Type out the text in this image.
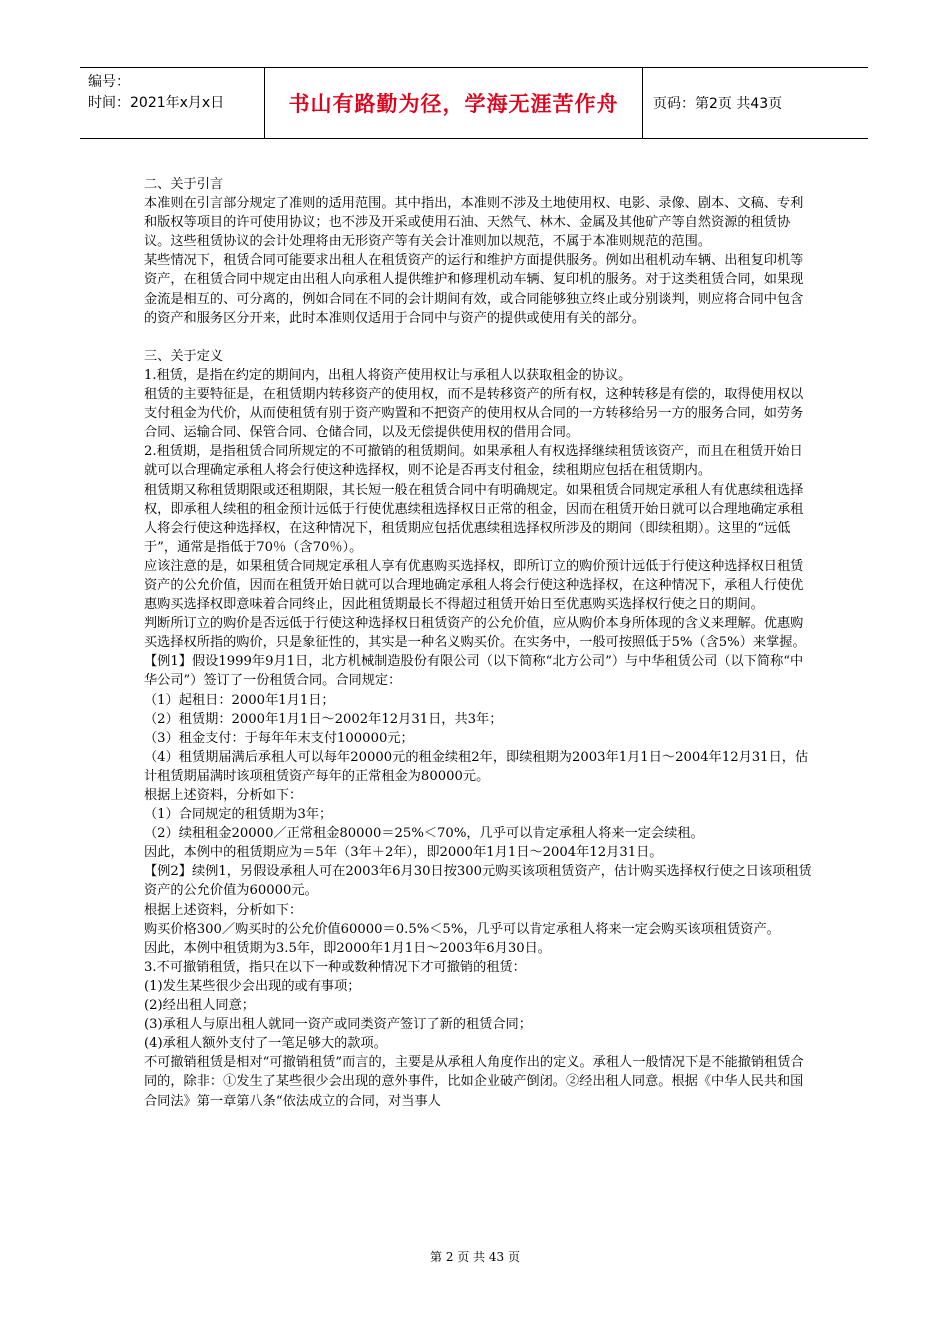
编号：
时间：2021年x月x日	书山有路勤为径，学海无涯苦作舟	页码：第2页 共43页

二、关于引言

本准则在引言部分规定了准则的适用范围。其中指出，本准则不涉及土地使用权、电影、录像、剧本、文稿、专利和版权等项目的许可使用协议；也不涉及开采或使用石油、天然气、林木、金属及其他矿产等自然资源的租赁协议。这些租赁协议的会计处理将由无形资产等有关会计准则加以规范，不属于本准则规范的范围。

某些情况下，租赁合同可能要求出租人在租赁资产的运行和维护方面提供服务。例如出租机动车辆、出租复印机等资产，在租赁合同中规定由出租人向承租人提供维护和修理机动车辆、复印机的服务。对于这类租赁合同，如果现金流是相互的、可分离的，例如合同在不同的会计期间有效，或合同能够独立终止或分别谈判，则应将合同中包含的资产和服务区分开来，此时本准则仅适用于合同中与资产的提供或使用有关的部分。

三、关于定义

1.租赁，是指在约定的期间内，出租人将资产使用权让与承租人以获取租金的协议。

租赁的主要特征是，在租赁期内转移资产的使用权，而不是转移资产的所有权，这种转移是有偿的，取得使用权以支付租金为代价，从而使租赁有别于资产购置和不把资产的使用权从合同的一方转移给另一方的服务合同，如劳务合同、运输合同、保管合同、仓储合同，以及无偿提供使用权的借用合同。

2.租赁期，是指租赁合同所规定的不可撤销的租赁期间。如果承租人有权选择继续租赁该资产，而且在租赁开始日就可以合理确定承租人将会行使这种选择权，则不论是否再支付租金，续租期应包括在租赁期内。

租赁期又称租赁期限或还租期限，其长短一般在租赁合同中有明确规定。如果租赁合同规定承租人有优惠续租选择权，即承租人续租的租金预计远低于行使优惠续租选择权日正常的租金，因而在租赁开始日就可以合理地确定承租人将会行使这种选择权，在这种情况下，租赁期应包括优惠续租选择权所涉及的期间（即续租期）。这里的“远低于”，通常是指低于70％（含70％）。

应该注意的是，如果租赁合同规定承租人享有优惠购买选择权，即所订立的购价预计远低于行使这种选择权日租赁资产的公允价值，因而在租赁开始日就可以合理地确定承租人将会行使这种选择权，在这种情况下，承租人行使优惠购买选择权即意味着合同终止，因此租赁期最长不得超过租赁开始日至优惠购买选择权行使之日的期间。

判断所订立的购价是否远低于行使这种选择权日租赁资产的公允价值，应从购价本身所体现的含义来理解。优惠购买选择权所指的购价，只是象征性的，其实是一种名义购买价。在实务中，一般可按照低于5%（含5%）来掌握。

【例1】假设1999年9月1日，北方机械制造股份有限公司（以下简称“北方公司”）与中华租赁公司（以下简称“中华公司”）签订了一份租赁合同。合同规定：

（1）起租日：2000年1月1日；

（2）租赁期：2000年1月1日～2002年12月31日，共3年；

（3）租金支付：于每年年末支付100000元；

（4）租赁期届满后承租人可以每年20000元的租金续租2年，即续租期为2003年1月1日～2004年12月31日，估计租赁期届满时该项租赁资产每年的正常租金为80000元。

根据上述资料，分析如下：

（1）合同规定的租赁期为3年；

（2）续租租金20000／正常租金80000＝25%＜70%，几乎可以肯定承租人将来一定会续租。

因此，本例中的租赁期应为＝5年（3年＋2年），即2000年1月1日～2004年12月31日。

【例2】续例1，另假设承租人可在2003年6月30日按300元购买该项租赁资产，估计购买选择权行使之日该项租赁资产的公允价值为60000元。

根据上述资料，分析如下：

购买价格300／购买时的公允价值60000＝0.5%＜5%，几乎可以肯定承租人将来一定会购买该项租赁资产。

因此，本例中租赁期为3.5年，即2000年1月1日～2003年6月30日。

3.不可撤销租赁，指只在以下一种或数种情况下才可撤销的租赁：

(1)发生某些很少会出现的或有事项；

(2)经出租人同意；

(3)承租人与原出租人就同一资产或同类资产签订了新的租赁合同；

(4)承租人额外支付了一笔足够大的款项。

不可撤销租赁是相对“可撤销租赁”而言的，主要是从承租人角度作出的定义。承租人一般情况下是不能撤销租赁合同的，除非：①发生了某些很少会出现的意外事件，比如企业破产倒闭。②经出租人同意。根据《中华人民共和国合同法》第一章第八条“依法成立的合同，对当事人

第 2 页 共 43 页
